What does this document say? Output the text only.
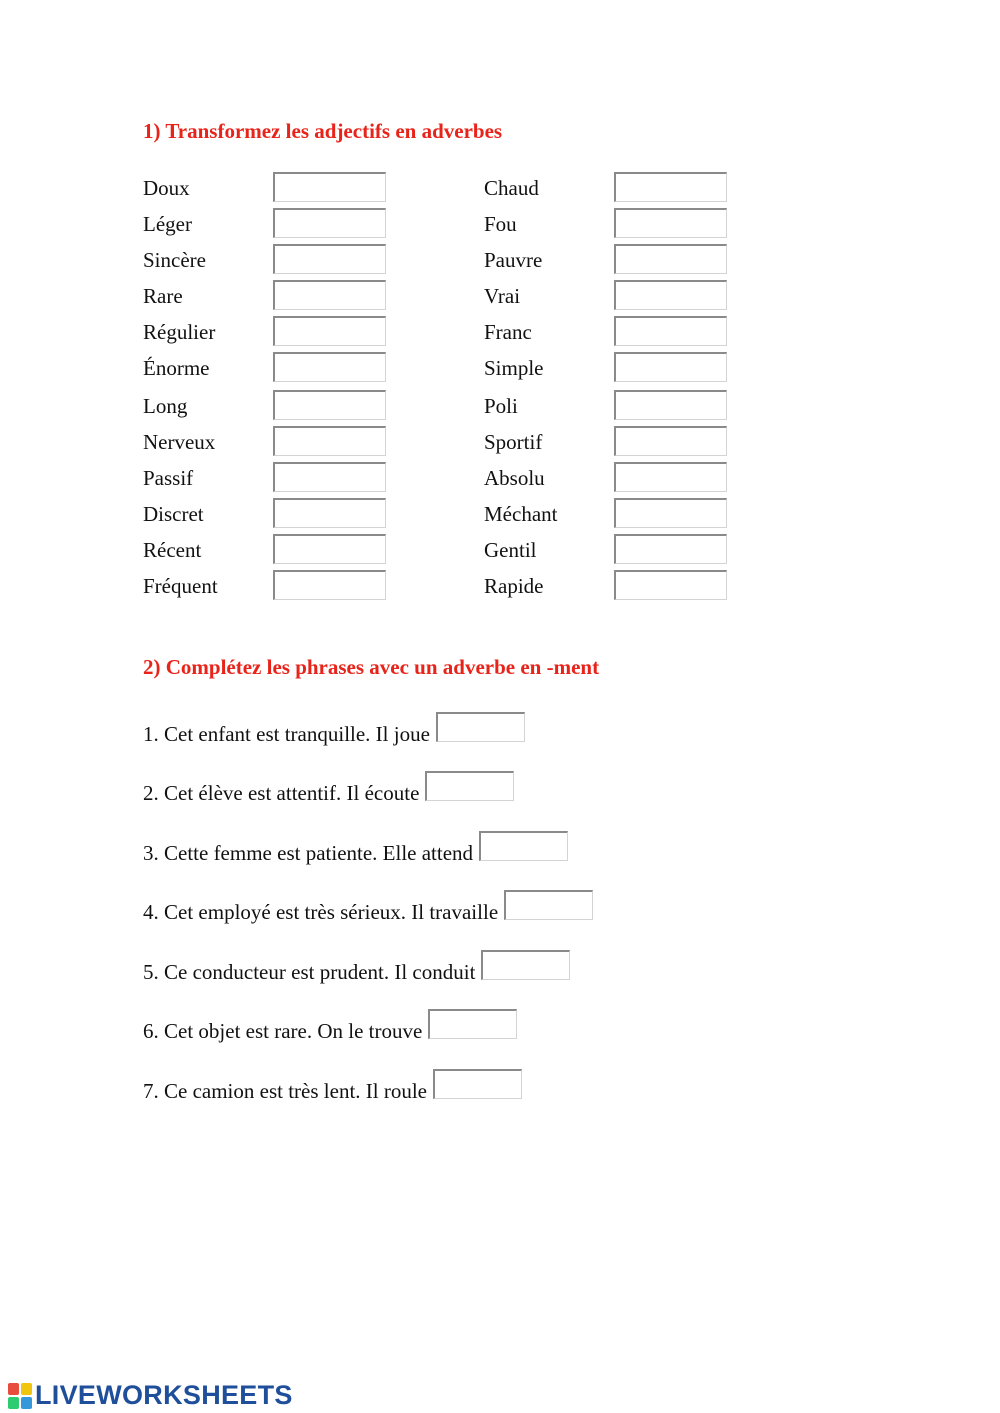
1) Transformez les adjectifs en adverbes
Doux
Léger
Sincère
Rare
Régulier
Énorme
Long
Nerveux
Passif
Discret
Récent
Fréquent
Chaud
Fou
Pauvre
Vrai
Franc
Simple
Poli
Sportif
Absolu
Méchant
Gentil
Rapide
2) Complétez les phrases avec un adverbe en -ment
1. Cet enfant est tranquille. Il joue
2. Cet élève est attentif. Il écoute
3. Cette femme est patiente. Elle attend
4. Cet employé est très sérieux. Il travaille
5. Ce conducteur est prudent. Il conduit
6. Cet objet est rare. On le trouve
7. Ce camion est très lent. Il roule
LIVEWORKSHEETS
